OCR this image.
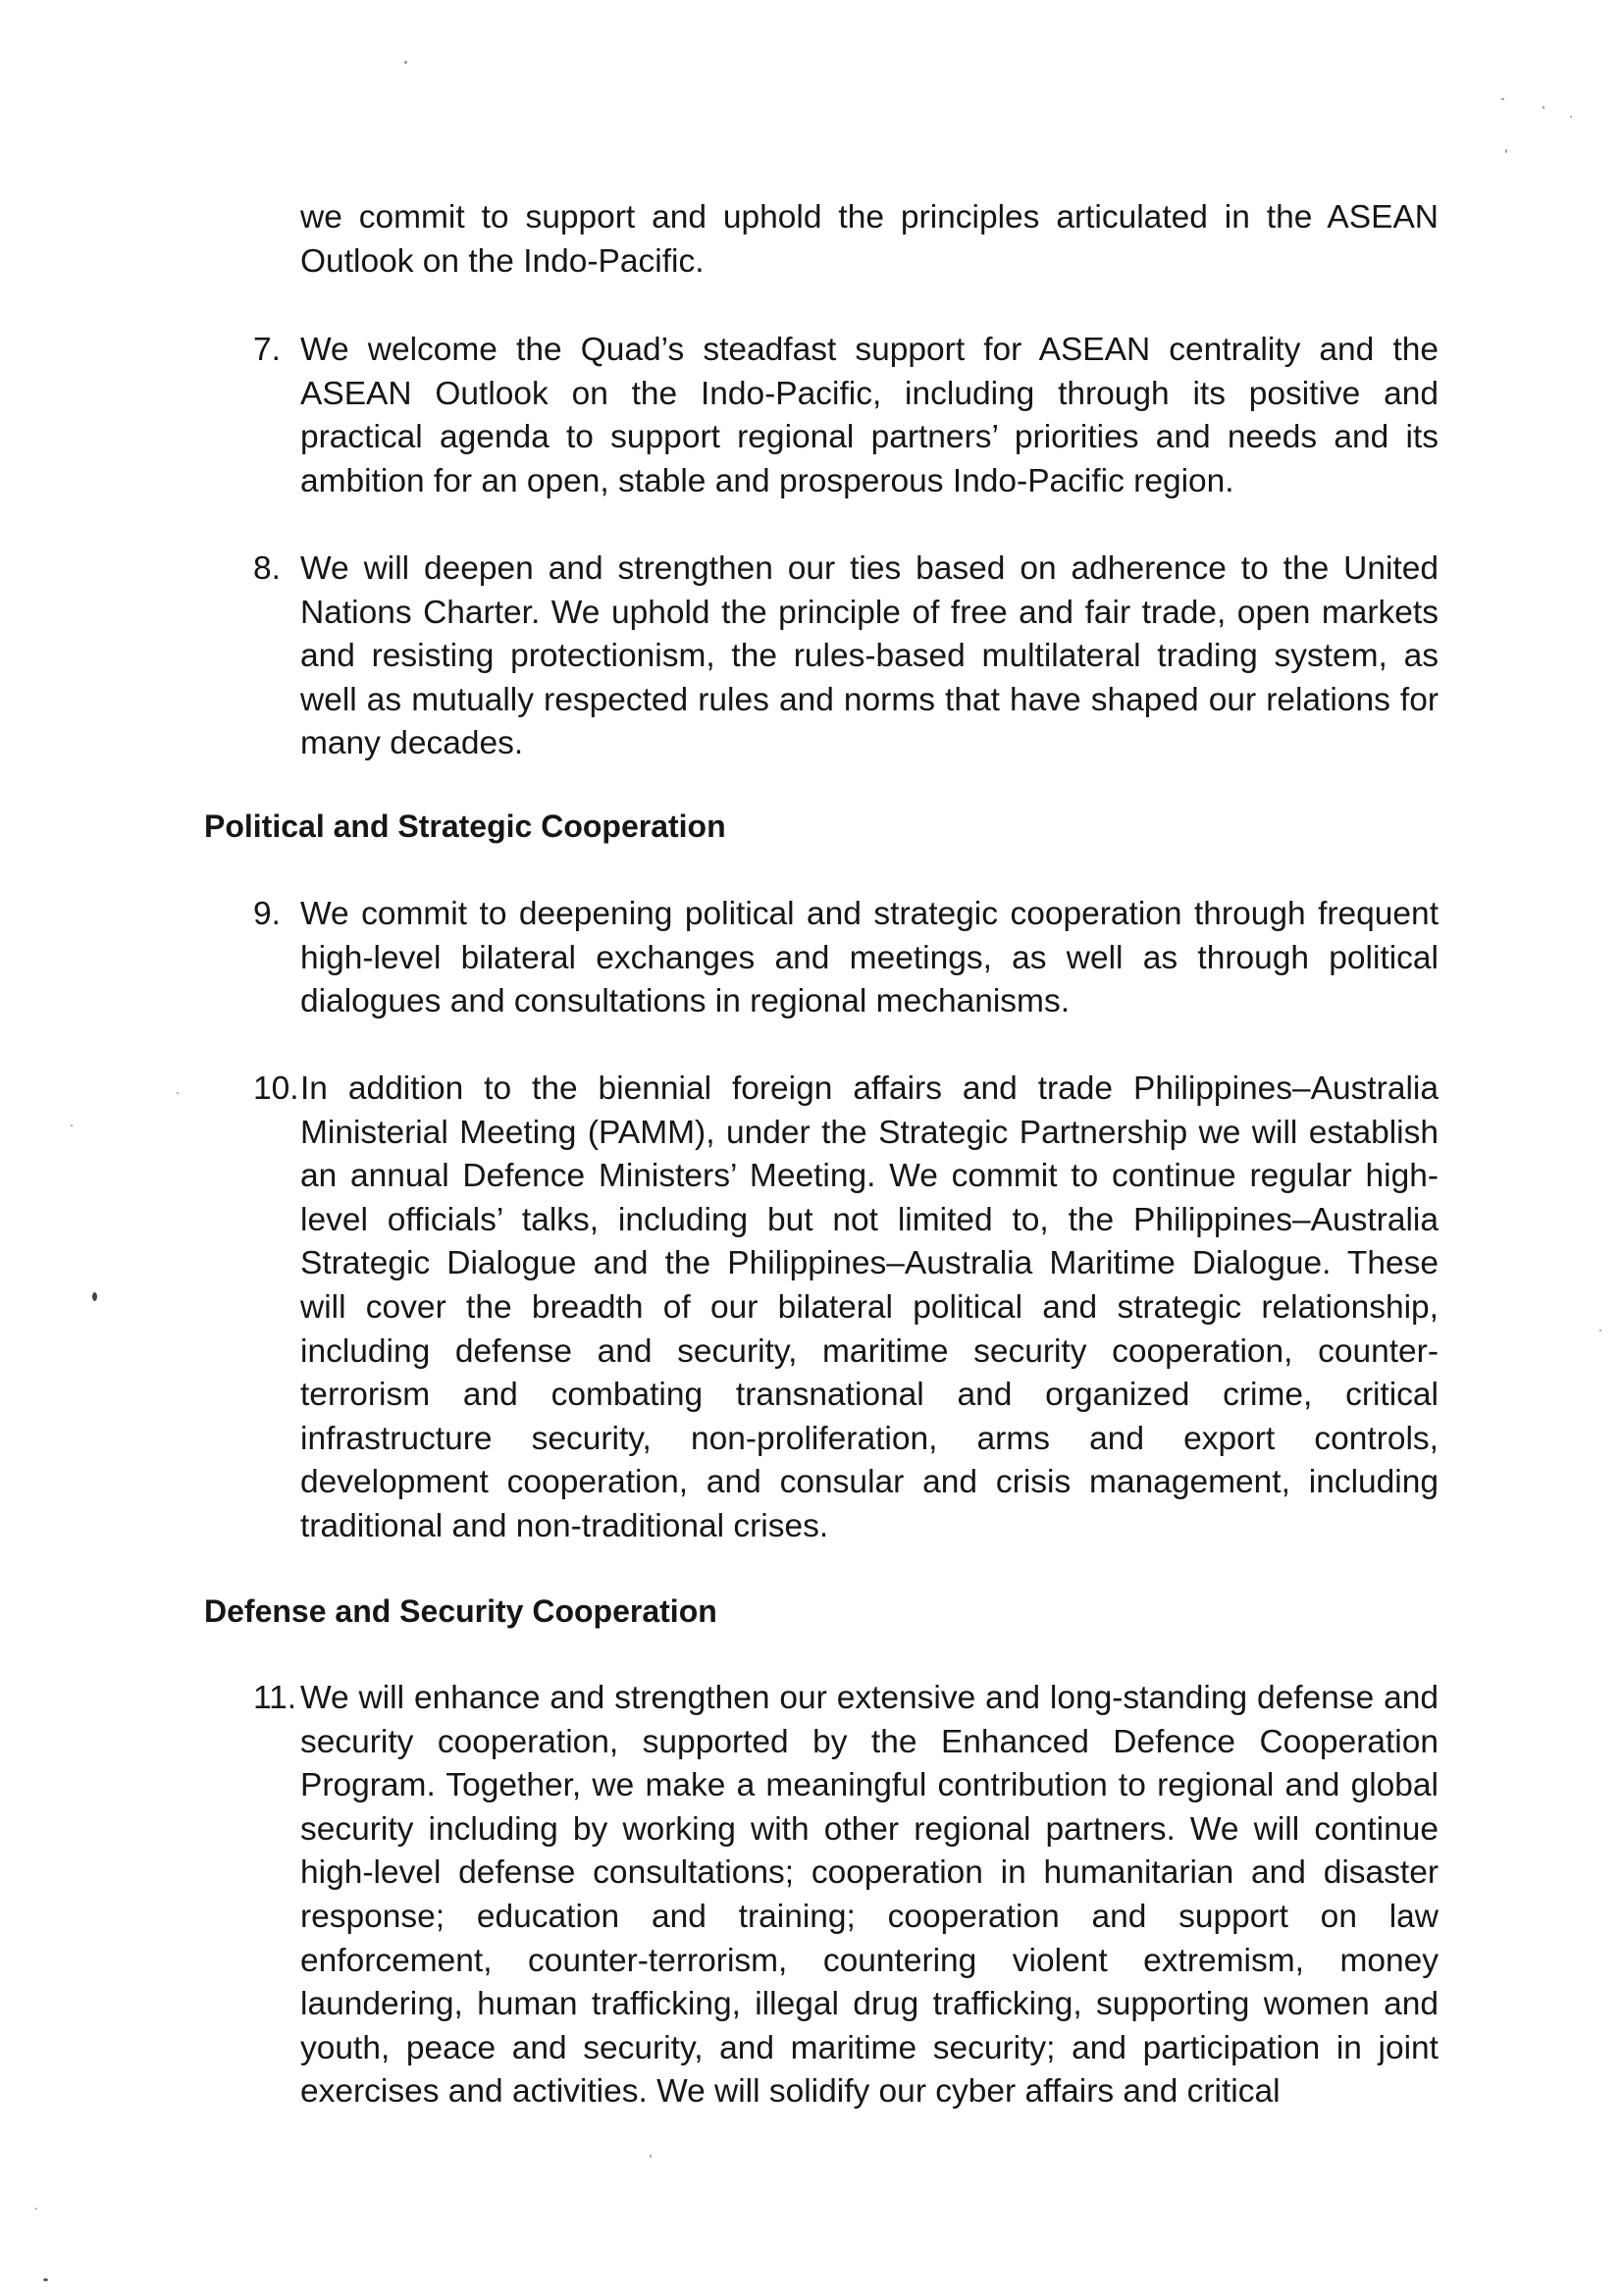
we commit to support and uphold the principles articulated in the ASEAN Outlook on the Indo-Pacific.

7. We welcome the Quad’s steadfast support for ASEAN centrality and the ASEAN Outlook on the Indo-Pacific, including through its positive and practical agenda to support regional partners’ priorities and needs and its ambition for an open, stable and prosperous Indo-Pacific region.

8. We will deepen and strengthen our ties based on adherence to the United Nations Charter. We uphold the principle of free and fair trade, open markets and resisting protectionism, the rules-based multilateral trading system, as well as mutually respected rules and norms that have shaped our relations for many decades.

Political and Strategic Cooperation
9. We commit to deepening political and strategic cooperation through frequent high-level bilateral exchanges and meetings, as well as through political dialogues and consultations in regional mechanisms.

10. In addition to the biennial foreign affairs and trade Philippines–Australia Ministerial Meeting (PAMM), under the Strategic Partnership we will establish an annual Defence Ministers’ Meeting. We commit to continue regular high-level officials’ talks, including but not limited to, the Philippines–Australia Strategic Dialogue and the Philippines–Australia Maritime Dialogue. These will cover the breadth of our bilateral political and strategic relationship, including defense and security, maritime security cooperation, counter-terrorism and combating transnational and organized crime, critical infrastructure security, non-proliferation, arms and export controls, development cooperation, and consular and crisis management, including traditional and non-traditional crises.

Defense and Security Cooperation
11. We will enhance and strengthen our extensive and long-standing defense and security cooperation, supported by the Enhanced Defence Cooperation Program. Together, we make a meaningful contribution to regional and global security including by working with other regional partners. We will continue high-level defense consultations; cooperation in humanitarian and disaster response; education and training; cooperation and support on law enforcement, counter-terrorism, countering violent extremism, money laundering, human trafficking, illegal drug trafficking, supporting women and youth, peace and security, and maritime security; and participation in joint exercises and activities. We will solidify our cyber affairs and critical
